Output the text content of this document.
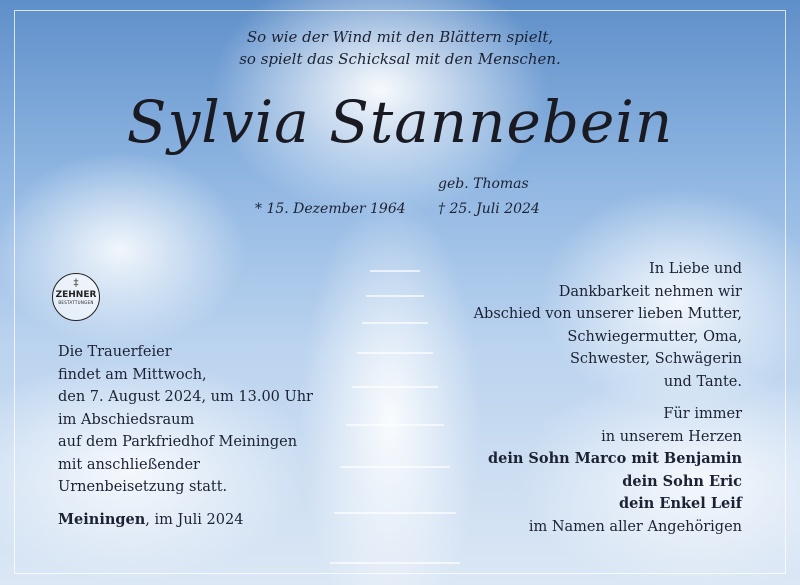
So wie der Wind mit den Blättern spielt,
so spielt das Schicksal mit den Menschen.
Sylvia Stannebein
geb. Thomas
* 15. Dezember 1964 † 25. Juli 2024
‡
ZEHNER
BESTATTUNGEN
Die Trauerfeier
findet am Mittwoch,
den 7. August 2024, um 13.00 Uhr
im Abschiedsraum
auf dem Parkfriedhof Meiningen
mit anschließender
Urnenbeisetzung statt.
Meiningen, im Juli 2024
In Liebe und
Dankbarkeit nehmen wir
Abschied von unserer lieben Mutter,
Schwiegermutter, Oma,
Schwester, Schwägerin
und Tante.
Für immer
in unserem Herzen
dein Sohn Marco mit Benjamin
dein Sohn Eric
dein Enkel Leif
im Namen aller Angehörigen
